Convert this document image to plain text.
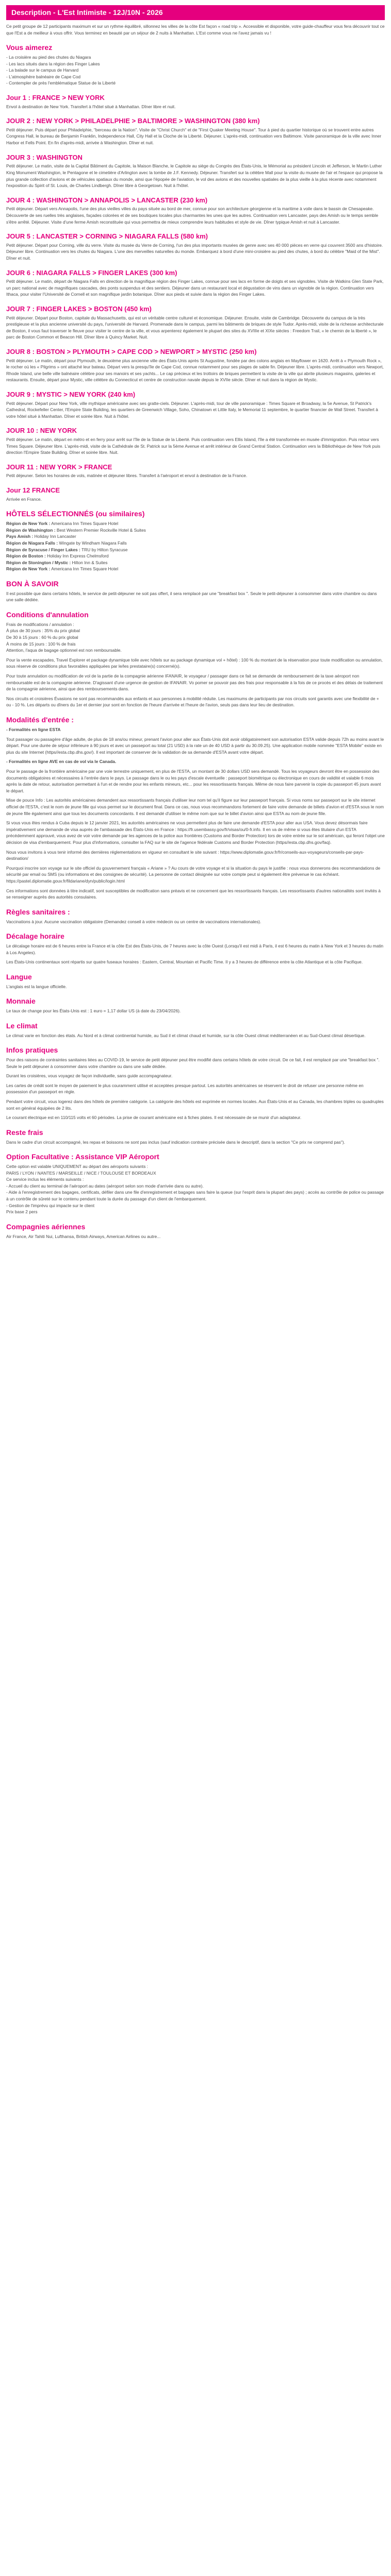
Description - L'Est Intimiste - 12J/10N - 2026

Ce petit groupe de 12 participants maximum et sur un rythme équilibré, sillonnez les villes de la côte Est façon « road trip ». Accessible et disponible, votre guide-chauffeur vous fera découvrir tout ce que l'Est a de meilleur à vous offrir. Vous terminez en beauté par un séjour de 2 nuits à Manhattan. L'Est comme vous ne l'avez jamais vu !

Vous aimerez
- La croisière au pied des chutes du Niagara
- Les lacs situés dans la région des Finger Lakes
- La balade sur le campus de Harvard
- L'atmosphère balnéaire de Cape Cod
- Contempler de près l'emblématique Statue de la Liberté
Jour 1 : FRANCE > NEW YORK

Envol à destination de New York. Transfert à l'hôtel situé à Manhattan. Dîner libre et nuit.

JOUR 2 : NEW YORK > PHILADELPHIE > BALTIMORE > WASHINGTON (380 km)

Petit déjeuner. Puis départ pour Philadelphie, "berceau de la Nation". Visite de "Christ Church" et de "First Quaker Meeting House". Tour à pied du quartier historique où se trouvent entre autres Congress Hall, le bureau de Benjamin Franklin, Independence Hall, City Hall et la Cloche de la Liberté. Déjeuner. L'après-midi, continuation vers Baltimore. Visite panoramique de la ville avec Inner Harbor et Fells Point. En fin d'après-midi, arrivée à Washington. Dîner et nuit.

JOUR 3 : WASHINGTON

Petit déjeuner. Le matin, visite de la Capital Bâtiment du Capitole, la Maison Blanche, le Capitole au siège du Congrès des États-Unis, le Mémorial au président Lincoln et Jefferson, le Martin Luther King Monument Washington, le Pentagone et le cimetière d'Arlington avec la tombe de J.F. Kennedy. Déjeuner. Transfert sur la célèbre Mall pour la visite du musée de l'air et l'espace qui propose la plus grande collection d'avions et de véhicules spatiaux du monde, ainsi que l'épopée de l'aviation, le vol des avions et des nouvelles spatiales de la plus vieille à la plus récente avec notamment l'exposition du Spirit of St. Louis, de Charles Lindbergh. Dîner libre à Georgetown. Nuit à l'hôtel.

JOUR 4 : WASHINGTON > ANNAPOLIS > LANCASTER (230 km)

Petit déjeuner. Départ vers Annapolis, l'une des plus vieilles villes du pays située au bord de mer, connue pour son architecture géorgienne et la maritime à voile dans le bassin de Chesapeake. Découverte de ses ruelles très anglaises, façades colorées et de ses boutiques locales plus charmantes les unes que les autres. Continuation vers Lancaster, pays des Amish ou le temps semble s'être arrêté. Déjeuner. Visite d'une ferme Amish reconstituée qui vous permettra de mieux comprendre leurs habitudes et style de vie. Dîner typique Amish et nuit à Lancaster.

JOUR 5 : LANCASTER > CORNING > NIAGARA FALLS (580 km)

Petit déjeuner. Départ pour Corning, ville du verre. Visite du musée du Verre de Corning, l'un des plus importants musées de genre avec ses 40 000 pièces en verre qui couvrent 3500 ans d'histoire. Déjeuner libre. Continuation vers les chutes du Niagara. L'une des merveilles naturelles du monde. Embarquez à bord d'une mini-croisière au pied des chutes, à bord du célèbre "Maid of the Mist". Dîner et nuit.

JOUR 6 : NIAGARA FALLS > FINGER LAKES (300 km)

Petit déjeuner. Le matin, départ de Niagara Falls en direction de la magnifique région des Finger Lakes, connue pour ses lacs en forme de doigts et ses vignobles. Visite de Watkins Glen State Park, un parc national avec de magnifiques cascades, des ponts suspendus et des sentiers. Déjeuner dans un restaurant local et dégustation de vins dans un vignoble de la région. Continuation vers Ithaca, pour visiter l'Université de Cornell et son magnifique jardin botanique. Dîner aux pieds et suivie dans la région des Finger Lakes.

JOUR 7 : FINGER LAKES > BOSTON (450 km)

Petit déjeuner. Départ pour Boston, capitale du Massachusetts, qui est un véritable centre culturel et économique. Déjeuner. Ensuite, visite de Cambridge. Découverte du campus de la très prestigieuse et la plus ancienne université du pays, l'université de Harvard. Promenade dans le campus, parmi les bâtiments de briques de style Tudor. Après-midi, visite de la richesse architecturale de Boston, il vous faut traverser le fleuve pour visiter le centre de la ville, et vous arpenterez également le plupart des sites du XVIIIe et XIXe siècles : Freedom Trail, « le chemin de la liberté », le parc de Boston Common et Beacon Hill. Dîner libre à Quincy Market. Nuit.

JOUR 8 : BOSTON > PLYMOUTH > CAPE COD > NEWPORT > MYSTIC (250 km)

Petit déjeuner. Le matin, départ pour Plymouth, le deuxième plus ancienne ville des États-Unis après St Augustine, fondée par des colons anglais en Mayflower en 1620. Arrêt à « Plymouth Rock », le rocher où les « Pilgrims » ont attaché leur bateau. Départ vers la presqu'île de Cape Cod, connue notamment pour ses plages de sable fin. Déjeuner libre. L'après-midi, continuation vers Newport, Rhode Island, une belle ville balnéaire célèbre pour ses manoirs et ses yachts... Le cap précieux et les trottoirs de briques permettent la visite de la ville qui abrite plusieurs magasins, galeries et restaurants. Ensuite, départ pour Mystic, ville célèbre du Connecticut et centre de construction navale depuis le XVIIe siècle. Dîner et nuit dans la région de Mystic.

JOUR 9 : MYSTIC > NEW YORK (240 km)

Petit déjeuner. Départ pour New York, ville mythique américaine avec ses gratte-ciels. Déjeuner. L'après-midi, tour de ville panoramique : Times Square et Broadway, la 5e Avenue, St Patrick's Cathedral, Rockefeller Center, l'Empire State Building, les quartiers de Greenwich Village, Soho, Chinatown et Little Italy, le Memorial 11 septembre, le quartier financier de Wall Street. Transfert à votre hôtel situé à Manhattan. Dîner et soirée libre. Nuit à l'hôtel.

JOUR 10 : NEW YORK

Petit déjeuner. Le matin, départ en métro et en ferry pour arrêt sur l'île de la Statue de la Liberté. Puis continuation vers Ellis Island, l'île a été transformée en musée d'immigration. Puis retour vers Times Square. Déjeuner libre. L'après-midi, visite de la Cathédrale de St. Patrick sur la 5ème Avenue et arrêt intérieur de Grand Central Station. Continuation vers la Bibliothèque de New York puis direction l'Empire State Building. Dîner et soirée libre. Nuit.

JOUR 11 : NEW YORK > FRANCE

Petit déjeuner. Selon les horaires de vols, matinée et déjeuner libres. Transfert à l'aéroport et envol à destination de la France.

Jour 12 FRANCE

Arrivée en France.

HÔTELS SÉLECTIONNÉS (ou similaires)

Région de New York : Americana Inn Times Square Hotel

Région de Washington : Best Western Premier Rockville Hotel & Suites

Pays Amish : Holiday Inn Lancaster

Région de Niagara Falls : Wingate by Windham Niagara Falls

Région de Syracuse / Finger Lakes : TRU by Hilton Syracuse

Région de Boston : Holiday Inn Express Chelmsford

Région de Stonington / Mystic : Hilton Inn & Suites

Région de New York : Americana Inn Times Square Hotel

BON À SAVOIR

Il est possible que dans certains hôtels, le service de petit-déjeuner ne soit pas offert, il sera remplacé par une "breakfast box ". Seule le petit-déjeuner à consommer dans votre chambre ou dans une salle dédiée.

Conditions d'annulation

Frais de modifications / annulation :
À plus de 30 jours : 35% du prix global
De 30 à 15 jours : 60 % du prix global
À moins de 15 jours : 100 % de frais
Attention, l'aqua de bagage optionnel est non remboursable.

Pour la vente escapades, Travel Explorer et package dynamique toile avec hôtels sur au package dynamique vol + hôtel) : 100 % du montant de la réservation pour toute modification ou annulation, sous réserve de conditions plus favorables appliquées par le/les prestataire(s) concerné(s).

Pour toute annulation ou modification de vol de la partie de la compagnie aérienne IFANAIR, le voyageur / passager dans ce fait se demande de remboursement de la taxe aéroport non remboursable est de la compagnie aérienne. D'agissant d'une urgence de gestion de IFANAIR. Vo pomer se pouvoir pas des frais pour responsable à la fois de ce procès et des délais de traitement de la compagnie aérienne, ainsi que des remboursements dans.

Nos circuits et croisières Évasions ne sont pas recommandés aux enfants et aux personnes à mobilité réduite. Les maximums de participants par nos circuits sont garantis avec une flexibilité de + ou - 10 %. Les départs ou dîners du 1er et dernier jour sont en fonction de l'heure d'arrivée et l'heure de l'avion, seuls pas dans leur lieu de destination.

Modalités d'entrée :

- Formalités en ligne ESTA

Tout passager ou passagère d'âge adulte, de plus de 18 ans/ou mineur, prenant l'avion pour aller aux États-Unis doit avoir obligatoirement son autorisation ESTA valide depuis 72h au moins avant le départ. Pour une durée de séjour inférieure à 90 jours et avec un passeport au total (21 USD) à la rate un de 40 USD à partir du 30.09.25). Une application mobile nommée "ESTA Mobile" existe en plus du site Internet (https//esta.cbp.dhs.gov/). Il est important de conserver de la validation de sa demande d'ESTA avant votre départ.

- Formalités en ligne AVE en cas de vol via le Canada.

Pour le passage de la frontière américaine par une voie terrestre uniquement, en plus de l'ESTA, un montant de 30 dollars USD sera demandé. Tous les voyageurs devront être en possession des documents obligatoires et nécessaires à l'entrée dans le pays. Le passage dans le ou les pays d'escale éventuelle : passeport biométrique ou électronique en cours de validité et valable 6 mois après la date de retour, autorisation permettant à l'un et de rendre pour les enfants mineurs, etc... pour les ressortissants français. Même de nous faire parvenir la copie du passeport 45 jours avant le départ.

Mise de pouce Info : Les autorités américaines demandent aux ressortissants français d'utiliser leur nom tel qu'il figure sur leur passeport français. Si vous noms sur passeport sur le site internet officiel de l'ESTA, c'est le nom de jeune fille qui vous permet sur le document final. Dans ce cas, nous vous recommandons fortement de faire votre demande de billets d'avion et d'ESTA sous le nom de jeune fille également ainsi que tous les documents concordants. Il est demandé d'utiliser le même nom que sur le billet d'avion ainsi que ESTA au nom de jeune fille.

Si vous vous êtes rendus à Cuba depuis le 12 janvier 2021, les autorités américaines ne vous permettent plus de faire une demande d'ESTA pour aller aux USA. Vous devez désormais faire impérativement une demande de visa auprès de l'ambassade des États-Unis en France : https://fr.usembassy.gov/fr/visas/ou/0-fr.info. Il en va de même si vous êtes titulaire d'un ESTA précédemment approuvé, vous avez de voir votre demande par les agences de la police aux frontières (Customs and Border Protection) lors de votre entrée sur le sol américain, qui feront l'objet une décision de visa d'embarquement. Pour plus d'informations, consulter la FAQ sur le site de l'agence fédérale Customs and Border Protection (https//esta.cbp.dhs.gov/faq).

Nous vous invitons à vous tenir informé des dernières réglementations en vigueur en consultant le site suivant : https://www.diplomatie.gouv.fr/fr/conseils-aux-voyageurs/conseils-par-pays-destination/

Pourquoi inscrire son voyage sur le site officiel du gouvernement français « Ariane » ? Au cours de votre voyage et si la situation du pays le justifie : nous vous donnerons des recommandations de sécurité par email ou SMS (ou informations et des consignes de sécurité). La personne de contact désignée sur votre compte peut si également être prévenue le cas échéant. https://pastel.diplomatie.gouv.fr/fildariane/dyn/public/login.html

Ces informations sont données à titre indicatif, sont susceptibles de modification sans préavis et ne concernent que les ressortissants français. Les ressortissants d'autres nationalités sont invités à se renseigner auprès des autorités consulaires.

Règles sanitaires :

Vaccinations à jour. Aucune vaccination obligatoire (Demandez conseil à votre médecin ou un centre de vaccinations internationales).

Décalage horaire

Le décalage horaire est de 6 heures entre la France et la côte Est des États-Unis, de 7 heures avec la côte Ouest (Lorsqu'il est midi à Paris, il est 6 heures du matin à New York et 3 heures du matin à Los Angeles).

Les États-Unis continentaux sont répartis sur quatre fuseaux horaires : Eastern, Central, Mountain et Pacific Time. Il y a 3 heures de différence entre la côte Atlantique et la côte Pacifique.

Langue

L'anglais est la langue officielle.

Monnaie

Le taux de change pour les États-Unis est : 1 euro = 1,17 dollar US (à date du 23/04/2026).

Le climat

Le climat varie en fonction des états. Au Nord et à climat continental humide, au Sud il et climat chaud et humide, sur la côte Ouest climat méditerranéen et au Sud-Ouest climat désertique.

Infos pratiques

Pour des raisons de contraintes sanitaires liées au COVID-19, le service de petit déjeuner peut être modifié dans certains hôtels de votre circuit. De ce fait, il est remplacé par une "breakfast box ". Seule le petit déjeuner à consommer dans votre chambre ou dans une salle dédiée.

Durant les croisières, vous voyagez de façon individuelle, sans guide accompagnateur.

Les cartes de crédit sont le moyen de paiement le plus couramment utilisé et acceptées presque partout. Les autorités américaines se réservent le droit de refuser une personne même en possession d'un passeport en règle.

Pendant votre circuit, vous logerez dans des hôtels de première catégorie. La catégorie des hôtels est exprimée en normes locales. Aux États-Unis et au Canada, les chambres triples ou quadruples sont en général équipées de 2 lits.

Le courant électrique est en 110/115 volts et 60 périodes. La prise de courant américaine est à fiches plates. Il est nécessaire de se munir d'un adaptateur.

Reste frais

Dans le cadre d'un circuit accompagné, les repas et boissons ne sont pas inclus (sauf indication contraire précisée dans le descriptif, dans la section "Ce prix ne comprend pas").

Option Facultative : Assistance VIP Aéroport

Cette option est valable UNIQUEMENT au départ des aéroports suivants :
PARIS / LYON / NANTES / MARSEILLE / NICE / TOULOUSE ET BORDEAUX
Ce service inclus les éléments suivants :
- Accueil du client au terminal de l'aéroport au dates (aéroport selon son mode d'arrivée dans ou autre).
- Aide à l'enregistrement des bagages, certificats, défiler dans une file d'enregistrement et bagages sans faire la queue (sur l'esprit dans la plupart des pays) ; accès au contrôle de police ou passage à un contrôle de sûreté sur le contenu pendant toute la durée du passage d'un client de l'embarquement.
- Gestion de l'imprévu qui impacte sur le client
Prix base 2 pers

Compagnies aériennes

Air France, Air Tahiti Nui, Lufthansa, British Airways, American Airlines ou autre...
